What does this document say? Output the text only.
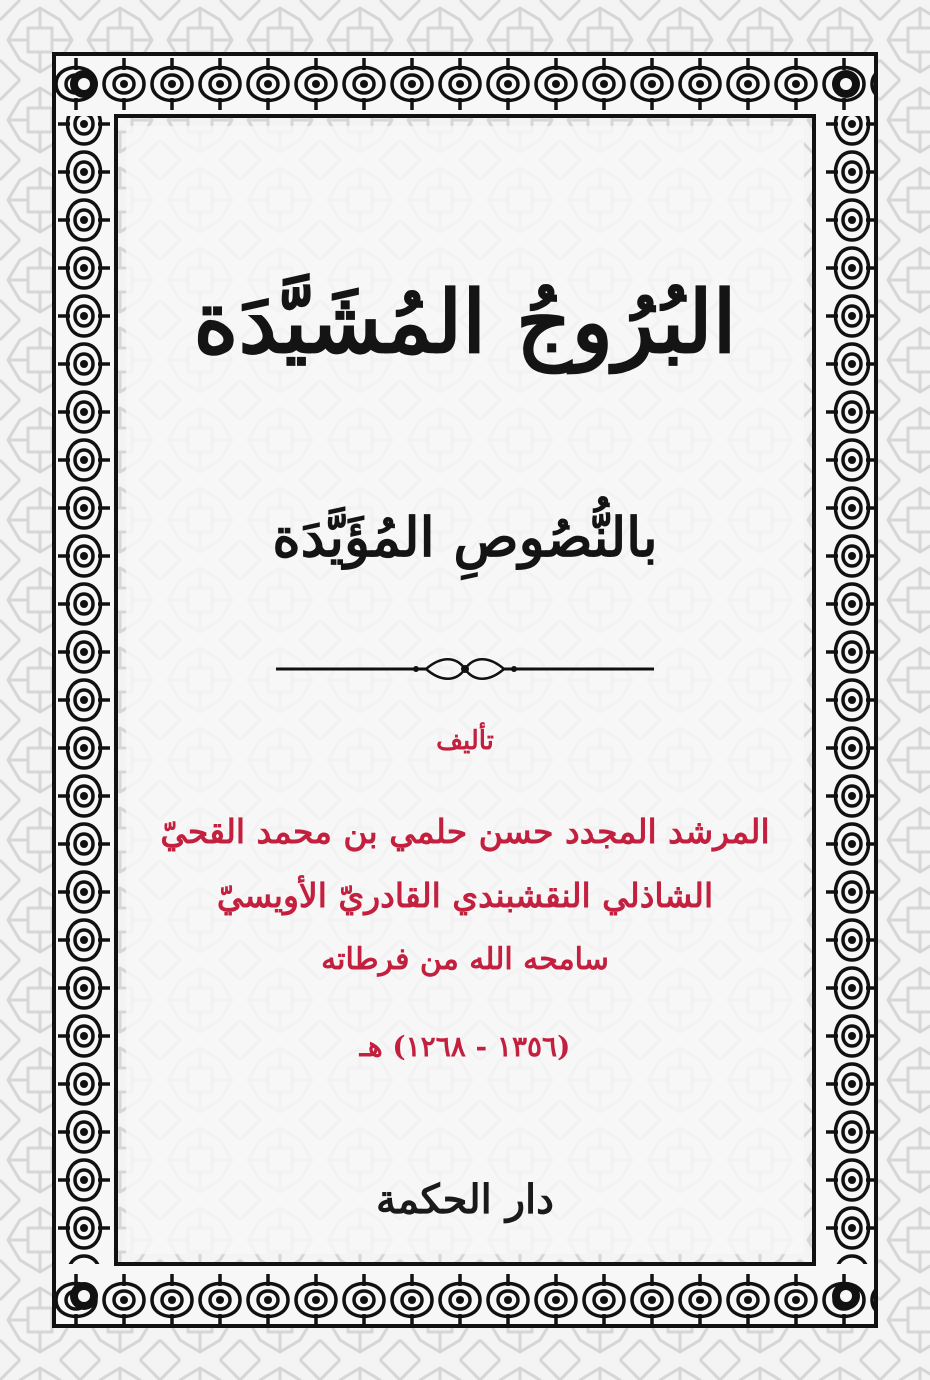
البُرُوجُ المُشَيَّدَة
بالنُّصُوصِ المُؤَيَّدَة
تأليف
المرشد المجدد حسن حلمي بن محمد القحيّ
الشاذلي النقشبندي القادريّ الأويسيّ
سامحه الله من فرطاته
(١٣٥٦ - ١٢٦٨) هـ
دار الحكمة
